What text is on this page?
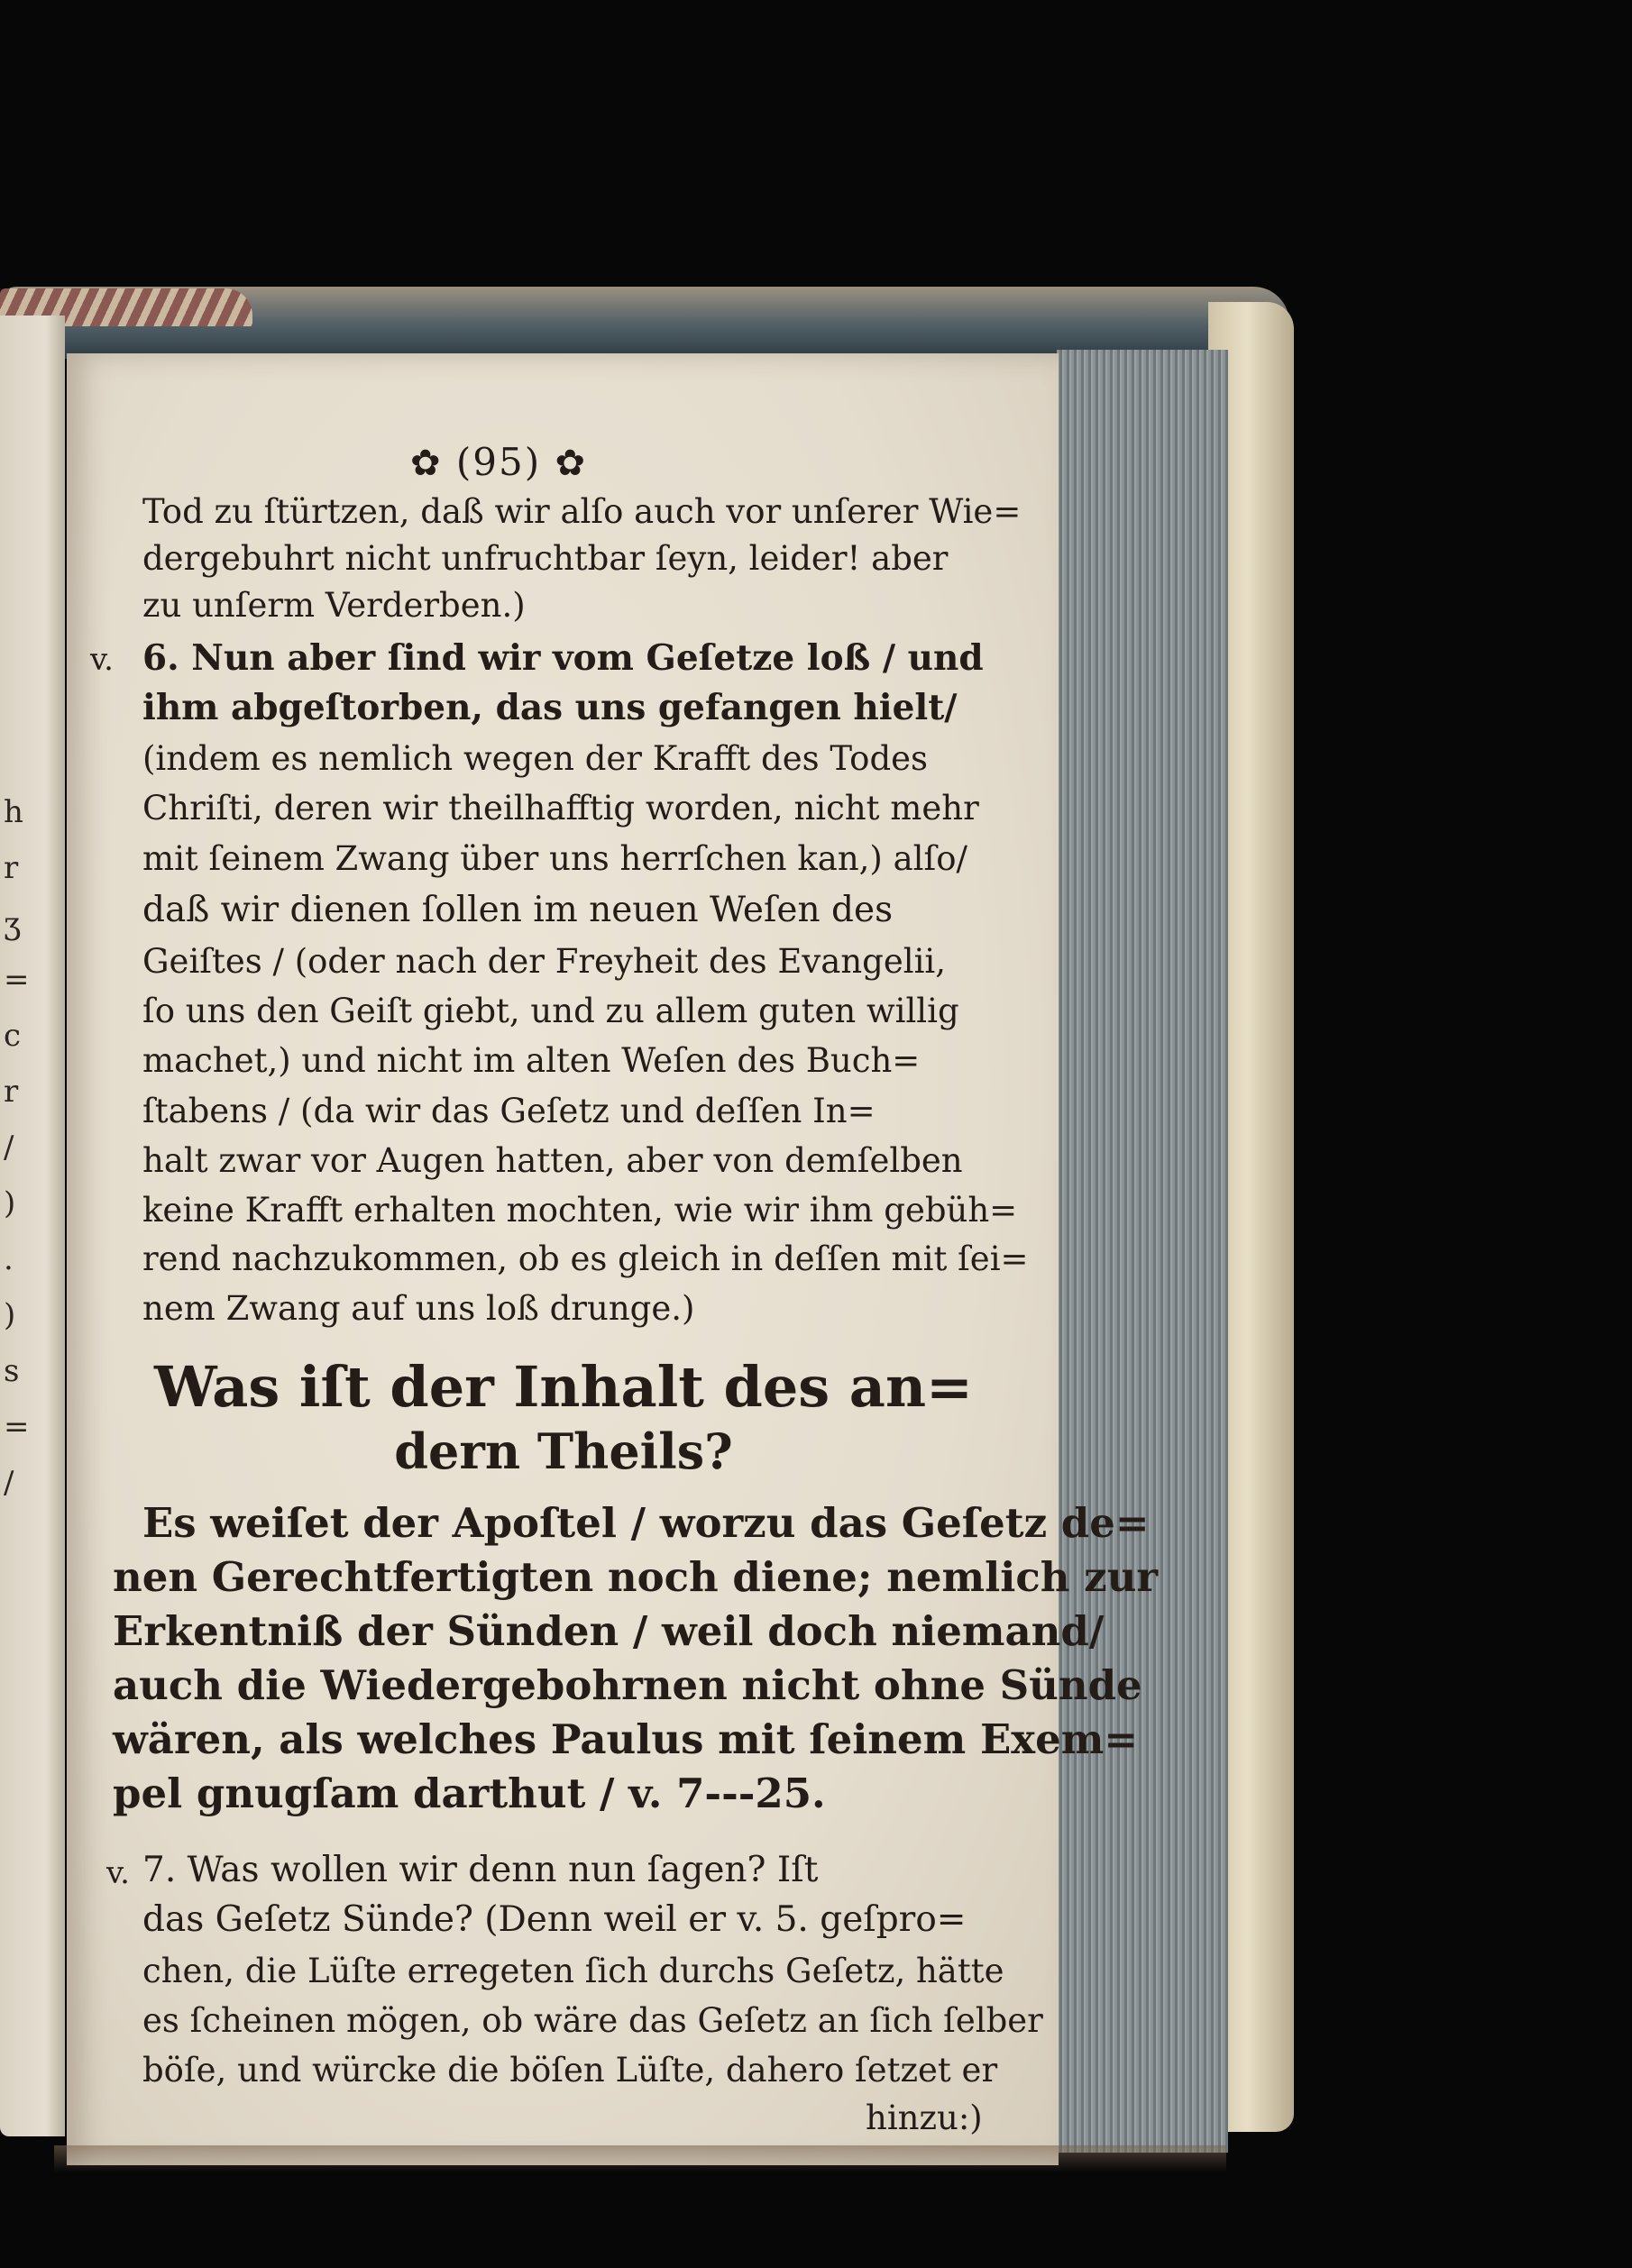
h
r
ʒ
=
c
r
/
)
.
)
s
=
/
✿ (95) ✿
Tod zu ſtürtzen, daß wir alſo auch vor unſerer Wie=
dergebuhrt nicht unfruchtbar ſeyn, leider! aber
zu unſerm Verderben.)
v. 6. Nun aber ſind wir vom Geſetze loß / und
ihm abgeſtorben, das uns gefangen hielt/
(indem es nemlich wegen der Krafft des Todes
Chriſti, deren wir theilhafftig worden, nicht mehr
mit ſeinem Zwang über uns herrſchen kan,) alſo/
daß wir dienen ſollen im neuen Weſen des
Geiſtes / (oder nach der Freyheit des Evangelii,
ſo uns den Geiſt giebt, und zu allem guten willig
machet,) und nicht im alten Weſen des Buch=
ſtabens / (da wir das Geſetz und deſſen In=
halt zwar vor Augen hatten, aber von demſelben
keine Krafft erhalten mochten, wie wir ihm gebüh=
rend nachzukommen, ob es gleich in deſſen mit ſei=
nem Zwang auf uns loß drunge.)
Was iſt der Inhalt des an=
dern Theils?
Es weiſet der Apoſtel / worzu das Geſetz de=
nen Gerechtfertigten noch diene; nemlich zur
Erkentniß der Sünden / weil doch niemand/
auch die Wiedergebohrnen nicht ohne Sünde
wären, als welches Paulus mit ſeinem Exem=
pel gnugſam darthut / v. 7---25.
v. 7. Was wollen wir denn nun ſagen? Iſt
das Geſetz Sünde? (Denn weil er v. 5. geſpro=
chen, die Lüſte erregeten ſich durchs Geſetz, hätte
es ſcheinen mögen, ob wäre das Geſetz an ſich ſelber
böſe, und würcke die böſen Lüſte, dahero ſetzet er
hinzu:)
